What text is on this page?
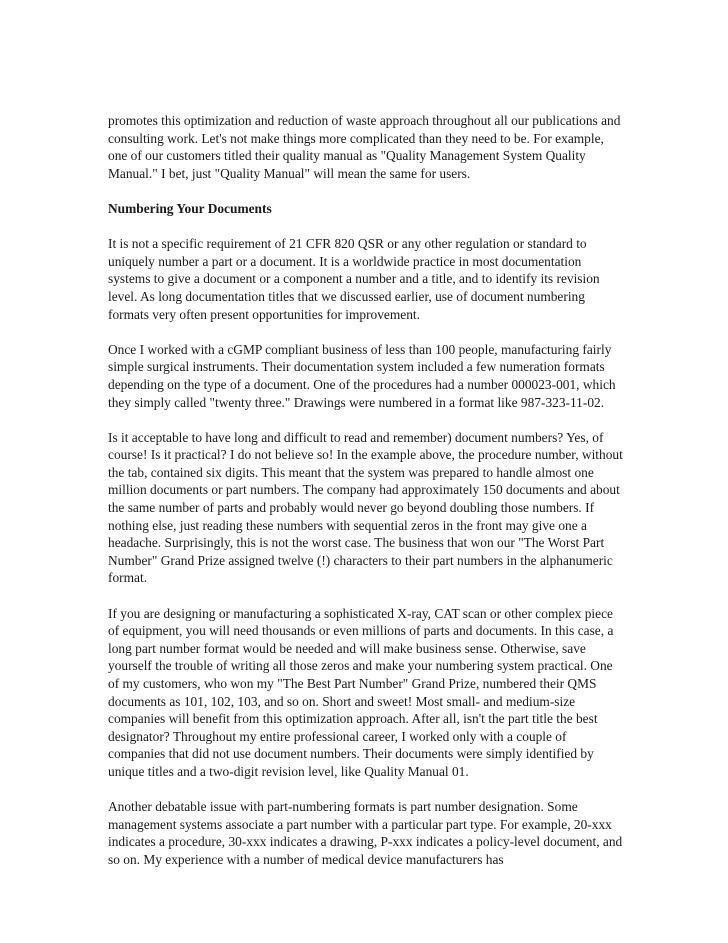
promotes this optimization and reduction of waste approach throughout all our publications and consulting work. Let's not make things more complicated than they need to be. For example, one of our customers titled their quality manual as "Quality Management System Quality Manual." I bet, just "Quality Manual" will mean the same for users.

Numbering Your Documents

It is not a specific requirement of 21 CFR 820 QSR or any other regulation or standard to uniquely number a part or a document. It is a worldwide practice in most documentation systems to give a document or a component a number and a title, and to identify its revision level. As long documentation titles that we discussed earlier, use of document numbering formats very often present opportunities for improvement.

Once I worked with a cGMP compliant business of less than 100 people, manufacturing fairly simple surgical instruments. Their documentation system included a few numeration formats depending on the type of a document. One of the procedures had a number 000023-001, which they simply called "twenty three." Drawings were numbered in a format like 987-323-11-02.

Is it acceptable to have long and difficult to read and remember) document numbers? Yes, of course! Is it practical? I do not believe so! In the example above, the procedure number, without the tab, contained six digits. This meant that the system was prepared to handle almost one million documents or part numbers. The company had approximately 150 documents and about the same number of parts and probably would never go beyond doubling those numbers. If nothing else, just reading these numbers with sequential zeros in the front may give one a headache. Surprisingly, this is not the worst case. The business that won our "The Worst Part Number" Grand Prize assigned twelve (!) characters to their part numbers in the alphanumeric format.

If you are designing or manufacturing a sophisticated X-ray, CAT scan or other complex piece of equipment, you will need thousands or even millions of parts and documents. In this case, a long part number format would be needed and will make business sense. Otherwise, save yourself the trouble of writing all those zeros and make your numbering system practical. One of my customers, who won my "The Best Part Number" Grand Prize, numbered their QMS documents as 101, 102, 103, and so on. Short and sweet! Most small- and medium-size companies will benefit from this optimization approach. After all, isn't the part title the best designator? Throughout my entire professional career, I worked only with a couple of companies that did not use document numbers. Their documents were simply identified by unique titles and a two-digit revision level, like Quality Manual 01.

Another debatable issue with part-numbering formats is part number designation. Some management systems associate a part number with a particular part type. For example, 20-xxx indicates a procedure, 30-xxx indicates a drawing, P-xxx indicates a policy-level document, and so on. My experience with a number of medical device manufacturers has
